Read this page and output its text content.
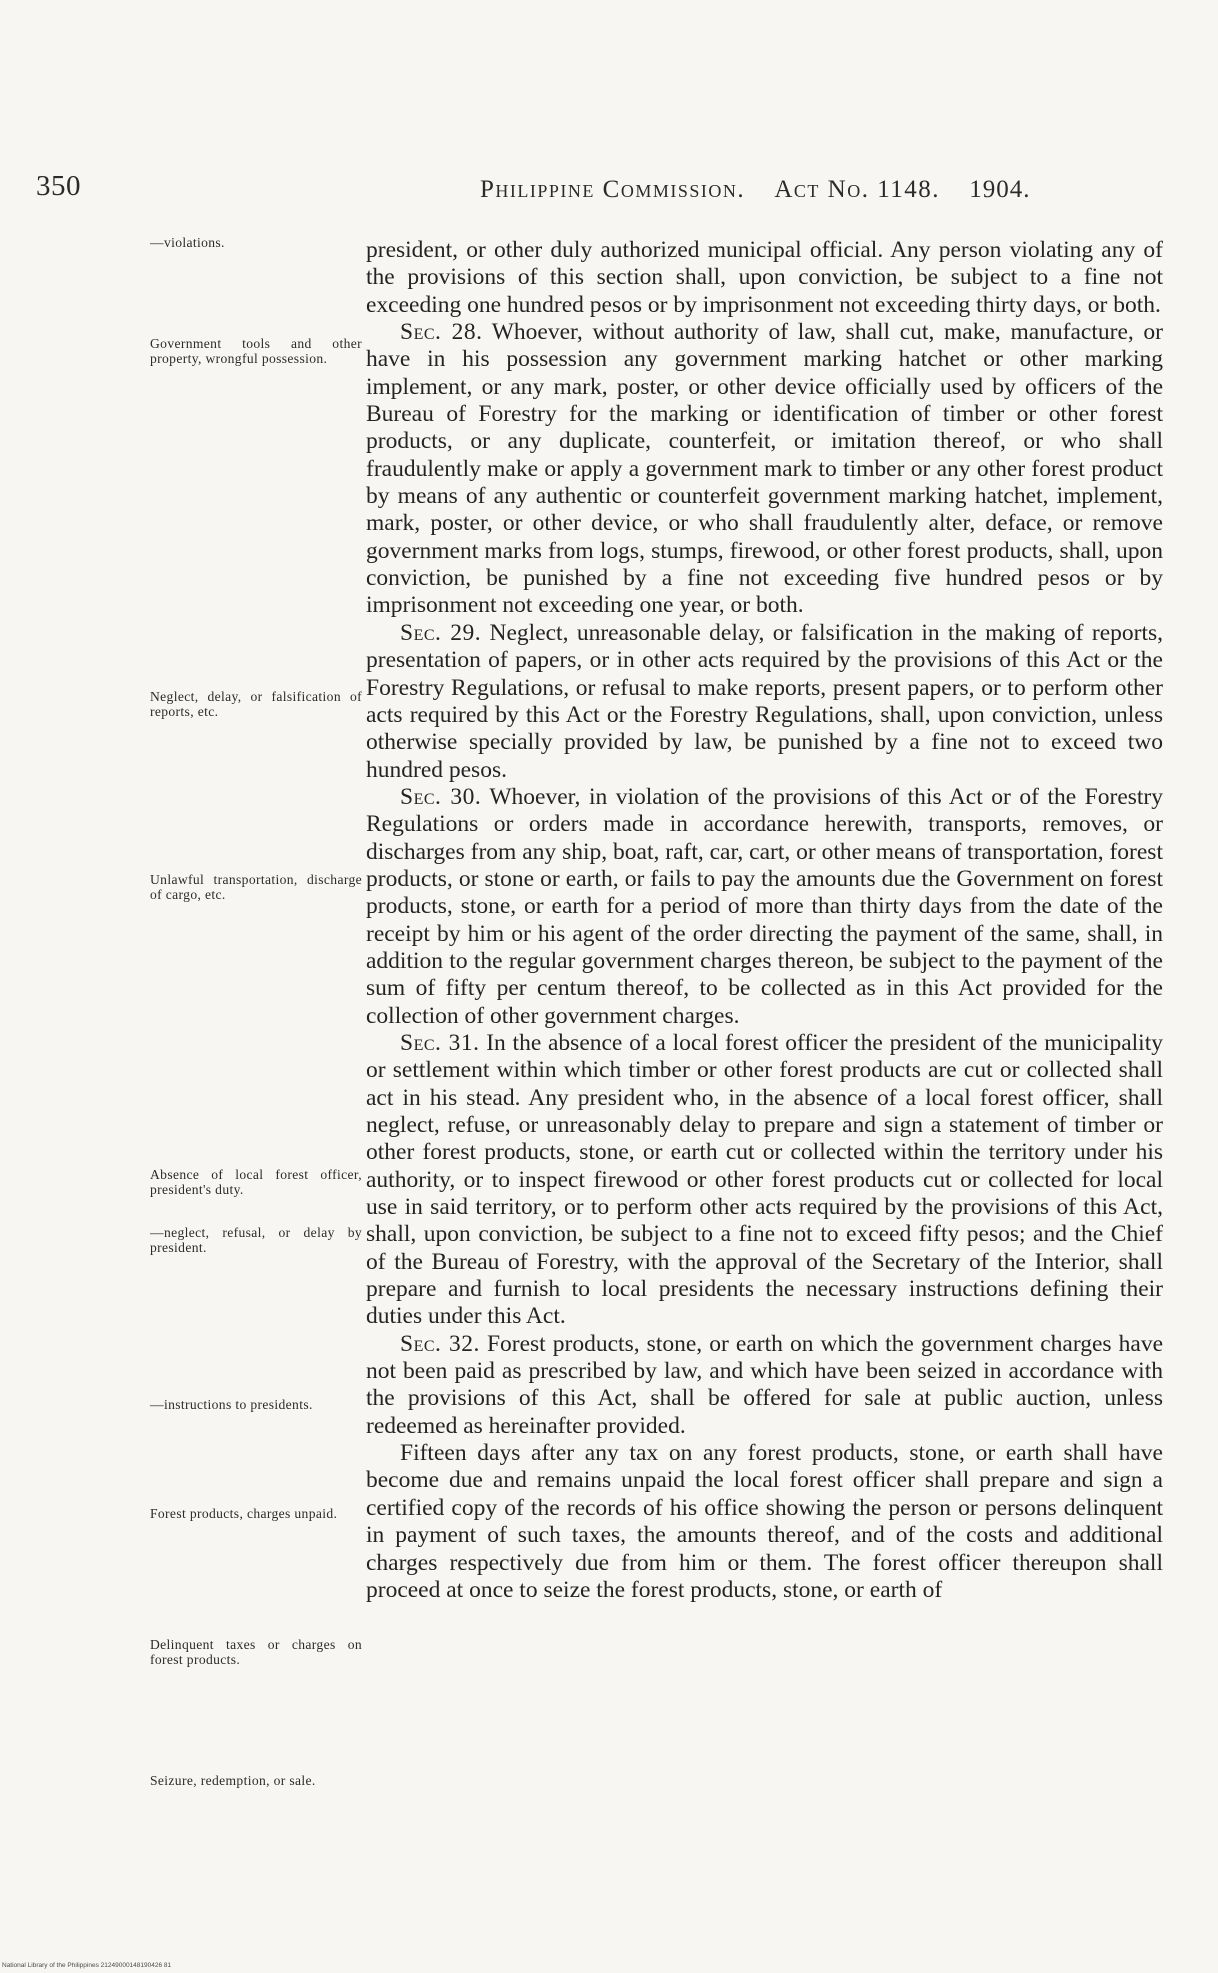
350	Philippine Commission. Act No. 1148. 1904.
—violations.
Government tools and other property, wrongful possession.
Neglect, delay, or falsification of reports, etc.
Unlawful transportation, discharge of cargo, etc.
Absence of local forest officer, president's duty.
—neglect, refusal, or delay by president.
—instructions to presidents.
Forest products, charges unpaid.
Delinquent taxes or charges on forest products.
Seizure, redemption, or sale.

president, or other duly authorized municipal official. Any person violating any of the provisions of this section shall, upon conviction, be subject to a fine not exceeding one hundred pesos or by imprisonment not exceeding thirty days, or both.

Sec. 28. Whoever, without authority of law, shall cut, make, manufacture, or have in his possession any government marking hatchet or other marking implement, or any mark, poster, or other device officially used by officers of the Bureau of Forestry for the marking or identification of timber or other forest products, or any duplicate, counterfeit, or imitation thereof, or who shall fraudulently make or apply a government mark to timber or any other forest product by means of any authentic or counterfeit government marking hatchet, implement, mark, poster, or other device, or who shall fraudulently alter, deface, or remove government marks from logs, stumps, firewood, or other forest products, shall, upon conviction, be punished by a fine not exceeding five hundred pesos or by imprisonment not exceeding one year, or both.

Sec. 29. Neglect, unreasonable delay, or falsification in the making of reports, presentation of papers, or in other acts required by the provisions of this Act or the Forestry Regulations, or refusal to make reports, present papers, or to perform other acts required by this Act or the Forestry Regulations, shall, upon conviction, unless otherwise specially provided by law, be punished by a fine not to exceed two hundred pesos.

Sec. 30. Whoever, in violation of the provisions of this Act or of the Forestry Regulations or orders made in accordance herewith, transports, removes, or discharges from any ship, boat, raft, car, cart, or other means of transportation, forest products, or stone or earth, or fails to pay the amounts due the Government on forest products, stone, or earth for a period of more than thirty days from the date of the receipt by him or his agent of the order directing the payment of the same, shall, in addition to the regular government charges thereon, be subject to the payment of the sum of fifty per centum thereof, to be collected as in this Act provided for the collection of other government charges.

Sec. 31. In the absence of a local forest officer the president of the municipality or settlement within which timber or other forest products are cut or collected shall act in his stead. Any president who, in the absence of a local forest officer, shall neglect, refuse, or unreasonably delay to prepare and sign a statement of timber or other forest products, stone, or earth cut or collected within the territory under his authority, or to inspect firewood or other forest products cut or collected for local use in said territory, or to perform other acts required by the provisions of this Act, shall, upon conviction, be subject to a fine not to exceed fifty pesos; and the Chief of the Bureau of Forestry, with the approval of the Secretary of the Interior, shall prepare and furnish to local presidents the necessary instructions defining their duties under this Act.

Sec. 32. Forest products, stone, or earth on which the government charges have not been paid as prescribed by law, and which have been seized in accordance with the provisions of this Act, shall be offered for sale at public auction, unless redeemed as hereinafter provided.

Fifteen days after any tax on any forest products, stone, or earth shall have become due and remains unpaid the local forest officer shall prepare and sign a certified copy of the records of his office showing the person or persons delinquent in payment of such taxes, the amounts thereof, and of the costs and additional charges respectively due from him or them. The forest officer thereupon shall proceed at once to seize the forest products, stone, or earth of

National Library of the Philippines 21249000148190426 81
